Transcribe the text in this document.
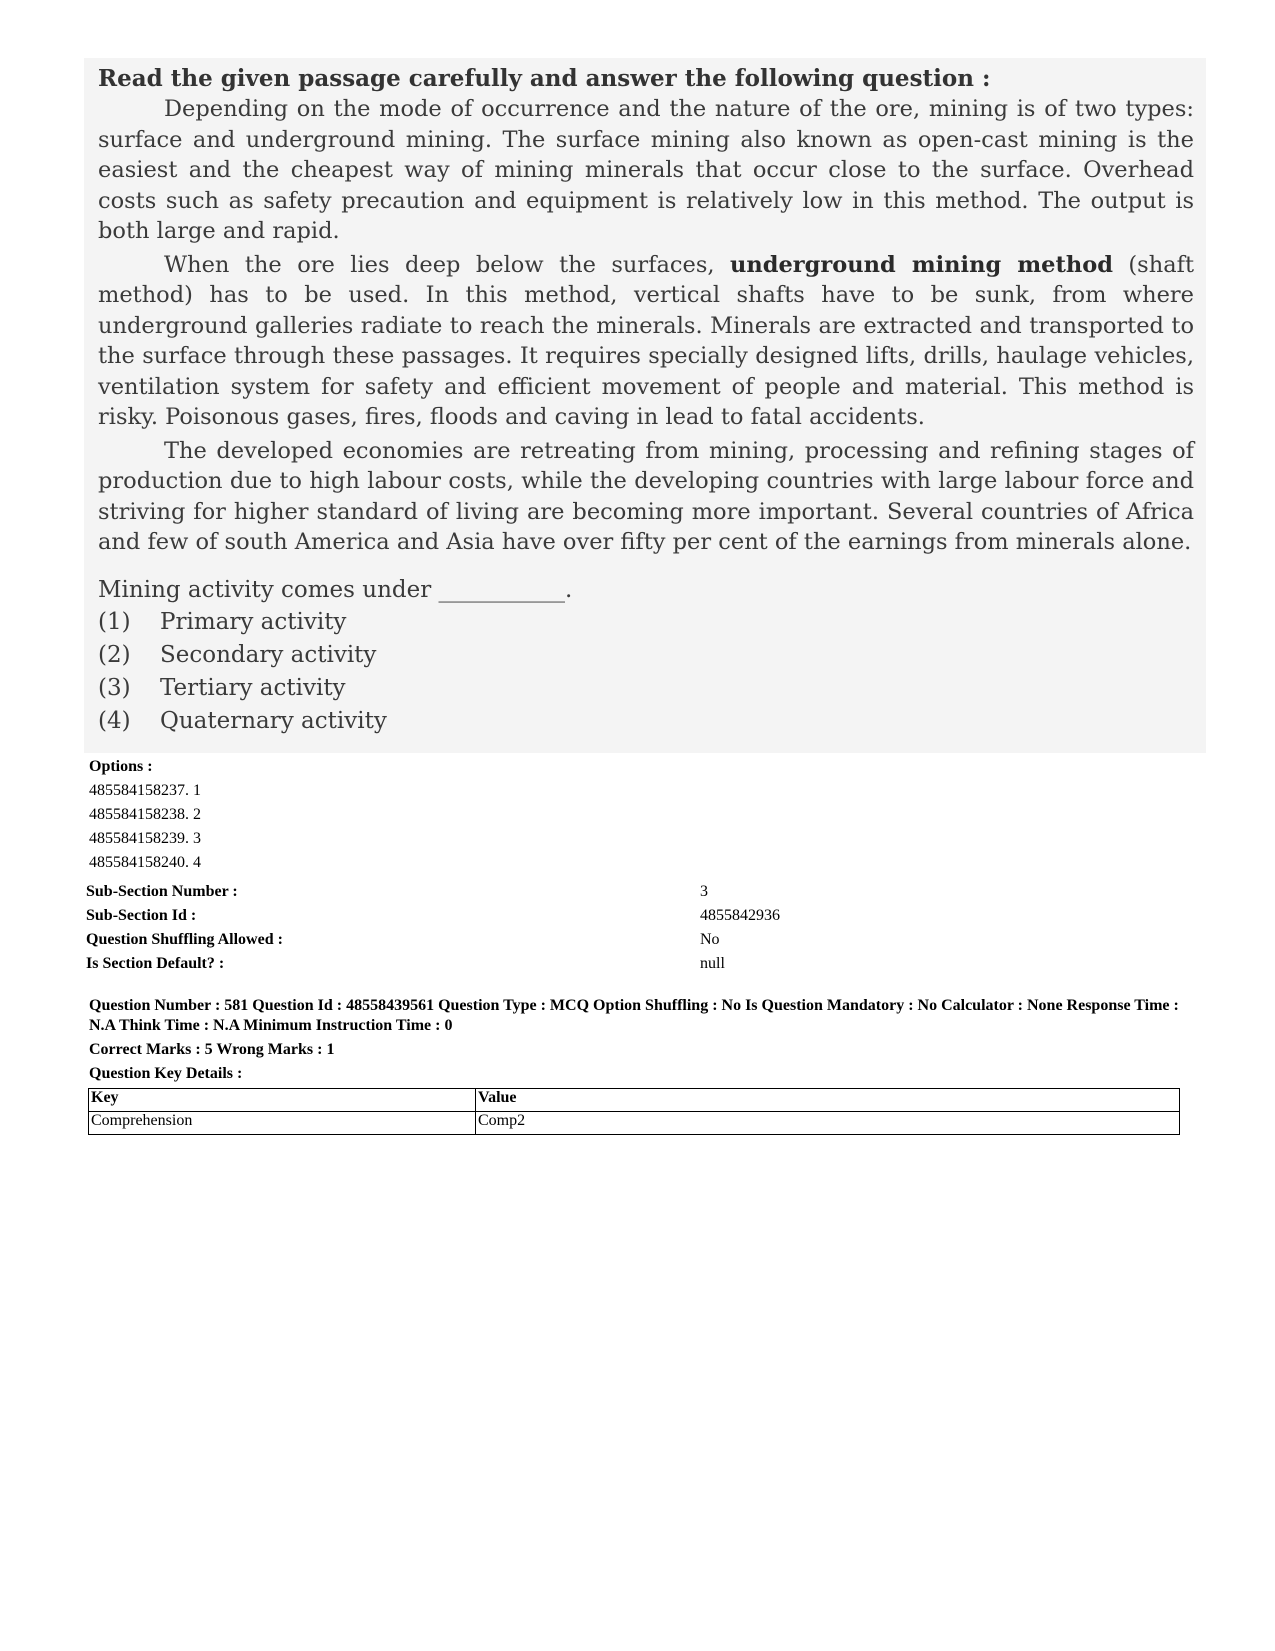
Read the given passage carefully and answer the following question :

Depending on the mode of occurrence and the nature of the ore, mining is of two types: surface and underground mining. The surface mining also known as open-cast mining is the easiest and the cheapest way of mining minerals that occur close to the surface. Overhead costs such as safety precaution and equipment is relatively low in this method. The output is both large and rapid.

When the ore lies deep below the surfaces, underground mining method (shaft method) has to be used. In this method, vertical shafts have to be sunk, from where underground galleries radiate to reach the minerals. Minerals are extracted and transported to the surface through these passages. It requires specially designed lifts, drills, haulage vehicles, ventilation system for safety and efficient movement of people and material. This method is risky. Poisonous gases, fires, floods and caving in lead to fatal accidents.

The developed economies are retreating from mining, processing and refining stages of production due to high labour costs, while the developing countries with large labour force and striving for higher standard of living are becoming more important. Several countries of Africa and few of south America and Asia have over fifty per cent of the earnings from minerals alone.

Mining activity comes under ___________.
(1)	Primary activity
(2)	Secondary activity
(3)	Tertiary activity
(4)	Quaternary activity
Options :
485584158237. 1
485584158238. 2
485584158239. 3
485584158240. 4
Sub-Section Number :	3
Sub-Section Id :	4855842936
Question Shuffling Allowed :	No
Is Section Default? :	null
Question Number : 581 Question Id : 48558439561 Question Type : MCQ Option Shuffling : No Is Question Mandatory : No Calculator : None Response Time : N.A Think Time : N.A Minimum Instruction Time : 0
Correct Marks : 5 Wrong Marks : 1
Question Key Details :
Key	Value
Comprehension	Comp2
